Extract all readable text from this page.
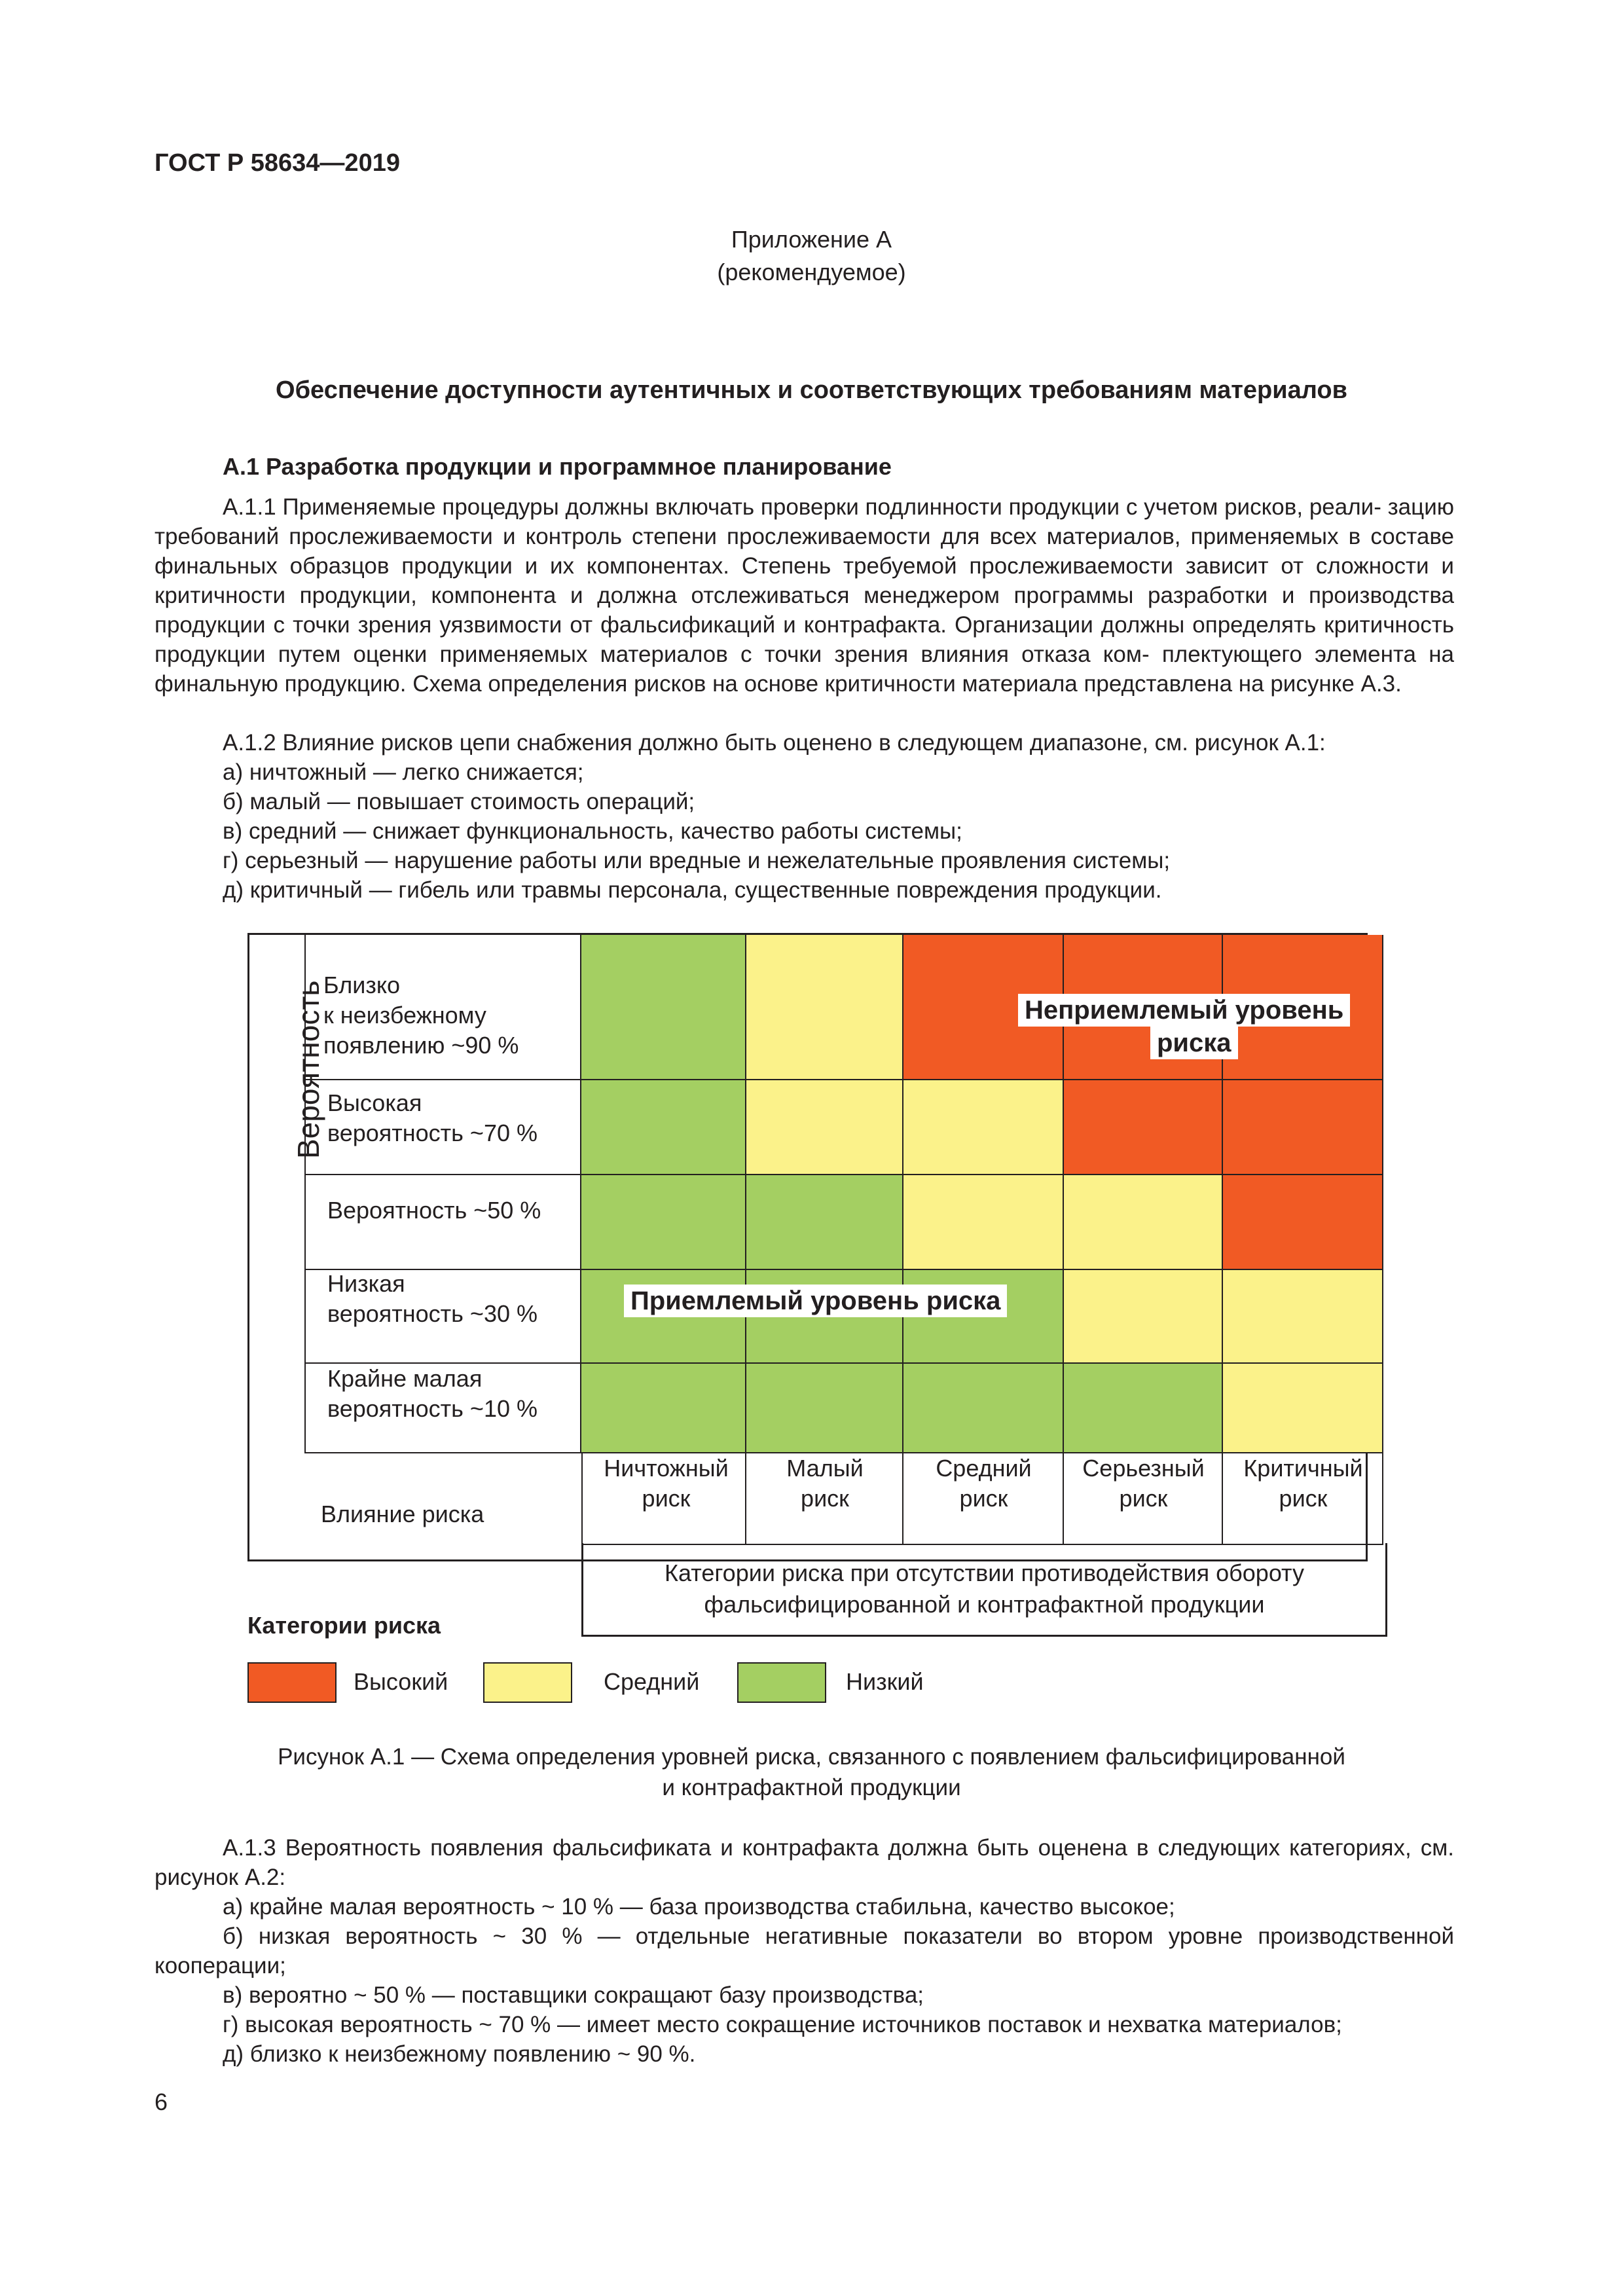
ГОСТ Р 58634—2019
Приложение А
(рекомендуемое)
Обеспечение доступности аутентичных и соответствующих требованиям материалов
А.1 Разработка продукции и программное планирование
А.1.1 Применяемые процедуры должны включать проверки подлинности продукции с учетом рисков, реали- зацию требований прослеживаемости и контроль степени прослеживаемости для всех материалов, применяемых в составе финальных образцов продукции и их компонентах. Степень требуемой прослеживаемости зависит от сложности и критичности продукции, компонента и должна отслеживаться менеджером программы разработки и производства продукции с точки зрения уязвимости от фальсификаций и контрафакта. Организации должны определять критичность продукции путем оценки применяемых материалов с точки зрения влияния отказа ком- плектующего элемента на финальную продукцию. Схема определения рисков на основе критичности материала представлена на рисунке А.3.
А.1.2 Влияние рисков цепи снабжения должно быть оценено в следующем диапазоне, см. рисунок А.1:
а) ничтожный — легко снижается;
б) малый — повышает стоимость операций;
в) средний — снижает функциональность, качество работы системы;
г) серьезный — нарушение работы или вредные и нежелательные проявления системы;
д) критичный — гибель или травмы персонала, существенные повреждения продукции.
Вероятность
Близко
к неизбежному
появлению ~90 %
Высокая
вероятность ~70 %
Вероятность ~50 %
Низкая
вероятность ~30 %
Крайне малая
вероятность ~10 %
Влияние риска
Ничтожный
риск
Малый
риск
Средний
риск
Серьезный
риск
Критичный
риск
Неприемлемый уровень
риска
Приемлемый уровень риска
Категории риска при отсутствии противодействия обороту
фальсифицированной и контрафактной продукции
Категории риска
Высокий	Средний	Низкий
Рисунок А.1 — Схема определения уровней риска, связанного с появлением фальсифицированной
и контрафактной продукции
А.1.3 Вероятность появления фальсификата и контрафакта должна быть оценена в следующих категориях, см. рисунок А.2:
а) крайне малая вероятность ~ 10 % — база производства стабильна, качество высокое;
б) низкая вероятность ~ 30 % — отдельные негативные показатели во втором уровне производственной кооперации;
в) вероятно ~ 50 % — поставщики сокращают базу производства;
г) высокая вероятность ~ 70 % — имеет место сокращение источников поставок и нехватка материалов;
д) близко к неизбежному появлению ~ 90 %.
6
